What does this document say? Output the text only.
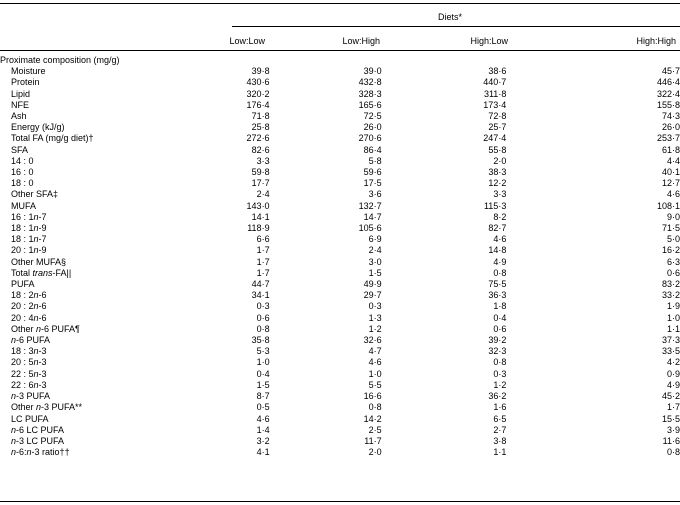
Diets*
Low:Low	Low:High	High:Low	High:High
Proximate composition (mg/g)				
Moisture	39·8	39·0	38·6	45·7
Protein	430·6	432·8	440·7	446·4
Lipid	320·2	328·3	311·8	322·4
NFE	176·4	165·6	173·4	155·8
Ash	71·8	72·5	72·8	74·3
Energy (kJ/g)	25·8	26·0	25·7	26·0
Total FA (mg/g diet)†	272·6	270·6	247·4	253·7
SFA	82·6	86·4	55·8	61·8
14 : 0	3·3	5·8	2·0	4·4
16 : 0	59·8	59·6	38·3	40·1
18 : 0	17·7	17·5	12·2	12·7
Other SFA‡	2·4	3·6	3·3	4·6
MUFA	143·0	132·7	115·3	108·1
16 : 1n-7	14·1	14·7	8·2	9·0
18 : 1n-9	118·9	105·6	82·7	71·5
18 : 1n-7	6·6	6·9	4·6	5·0
20 : 1n-9	1·7	2·4	14·8	16·2
Other MUFA§	1·7	3·0	4·9	6·3
Total trans-FA||	1·7	1·5	0·8	0·6
PUFA	44·7	49·9	75·5	83·2
18 : 2n-6	34·1	29·7	36·3	33·2
20 : 2n-6	0·3	0·3	1·8	1·9
20 : 4n-6	0·6	1·3	0·4	1·0
Other n-6 PUFA¶	0·8	1·2	0·6	1·1
n-6 PUFA	35·8	32·6	39·2	37·3
18 : 3n-3	5·3	4·7	32·3	33·5
20 : 5n-3	1·0	4·6	0·8	4·2
22 : 5n-3	0·4	1·0	0·3	0·9
22 : 6n-3	1·5	5·5	1·2	4·9
n-3 PUFA	8·7	16·6	36·2	45·2
Other n-3 PUFA**	0·5	0·8	1·6	1·7
LC PUFA	4·6	14·2	6·5	15·5
n-6 LC PUFA	1·4	2·5	2·7	3·9
n-3 LC PUFA	3·2	11·7	3·8	11·6
n-6:n-3 ratio††	4·1	2·0	1·1	0·8
